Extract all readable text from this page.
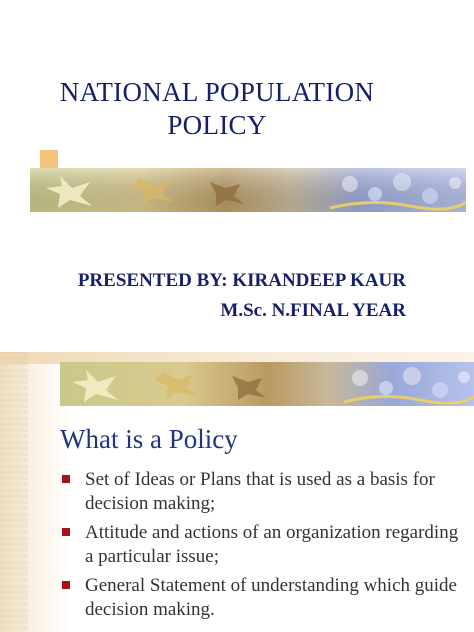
NATIONAL POPULATION
POLICY
PRESENTED BY: KIRANDEEP KAUR
M.Sc. N.FINAL YEAR
What is a Policy
Set of Ideas or Plans that is used as a basis for decision making;
Attitude and actions of an organization regarding a particular issue;
General Statement of understanding which guide decision making.
